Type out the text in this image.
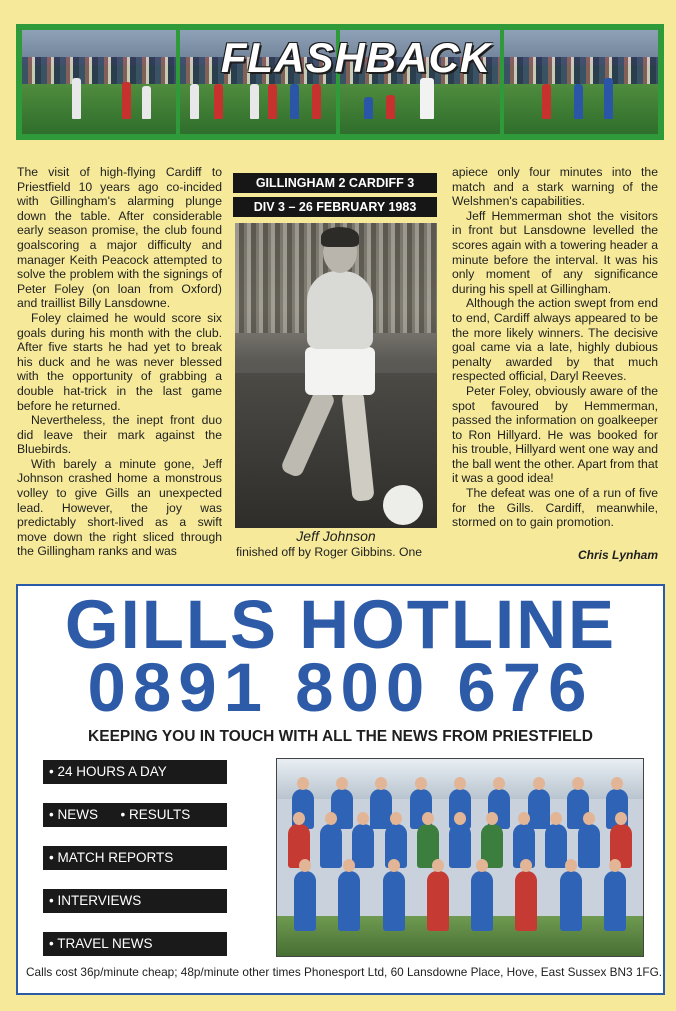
FLASHBACK

The visit of high-flying Cardiff to Priestfield 10 years ago co-incided with Gillingham's alarming plunge down the table. After considerable early season promise, the club found goalscoring a major difficulty and manager Keith Peacock attempted to solve the problem with the signings of Peter Foley (on loan from Oxford) and traillist Billy Lansdowne.

Foley claimed he would score six goals during his month with the club. After five starts he had yet to break his duck and he was never blessed with the opportunity of grabbing a double hat-trick in the last game before he returned.

Nevertheless, the inept front duo did leave their mark against the Bluebirds.

With barely a minute gone, Jeff Johnson crashed home a monstrous volley to give Gills an unexpected lead. However, the joy was predictably short-lived as a swift move down the right sliced through the Gillingham ranks and was

GILLINGHAM 2 CARDIFF 3
DIV 3 – 26 FEBRUARY 1983
Jeff Johnson
finished off by Roger Gibbins. One

apiece only four minutes into the match and a stark warning of the Welshmen's capabilities.

Jeff Hemmerman shot the visitors in front but Lansdowne levelled the scores again with a towering header a minute before the interval. It was his only moment of any significance during his spell at Gillingham.

Although the action swept from end to end, Cardiff always appeared to be the more likely winners. The decisive goal came via a late, highly dubious penalty awarded by that much respected official, Daryl Reeves.

Peter Foley, obviously aware of the spot favoured by Hemmerman, passed the information on goalkeeper to Ron Hillyard. He was booked for his trouble, Hillyard went one way and the ball went the other. Apart from that it was a good idea!

The defeat was one of a run of five for the Gills. Cardiff, meanwhile, stormed on to gain promotion.

Chris Lynham
GILLS HOTLINE
0891 800 676
KEEPING YOU IN TOUCH WITH ALL THE NEWS FROM PRIESTFIELD
• 24 HOURS A DAY
• NEWS      • RESULTS
• MATCH REPORTS
• INTERVIEWS
• TRAVEL NEWS
Calls cost 36p/minute cheap; 48p/minute other times Phonesport Ltd, 60 Lansdowne Place, Hove, East Sussex BN3 1FG.
